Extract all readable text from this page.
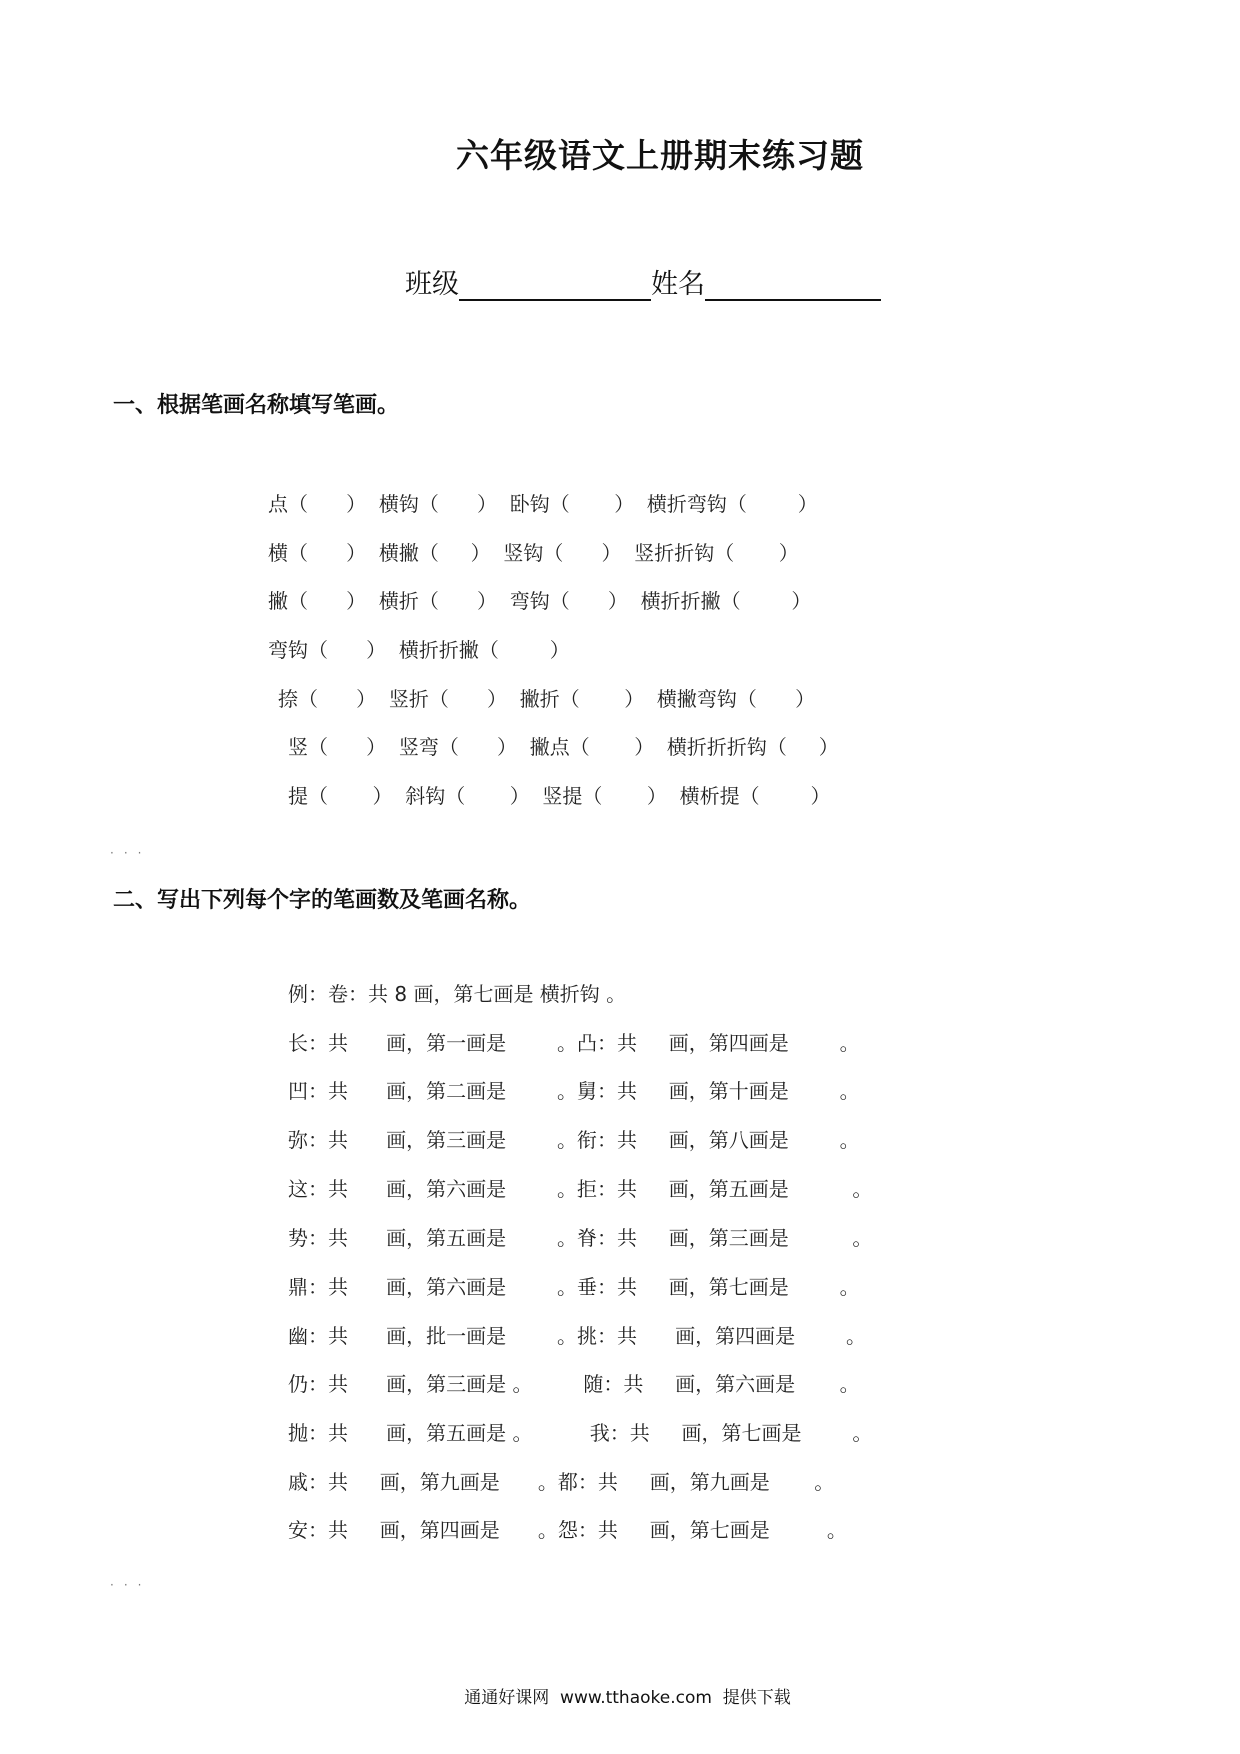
六年级语文上册期末练习题
班级	姓名
一、根据笔画名称填写笔画。
点（      ）  横钩（      ）  卧钩（       ）  横折弯钩（        ）
横（      ）  横撇（     ）  竖钩（      ）  竖折折钩（       ）
撇（      ）  横折（      ）  弯钩（      ）  横折折撇（        ）
弯钩（      ）  横折折撇（        ）
捺（      ）  竖折（      ）  撇折（       ）  横撇弯钩（      ）
竖（      ）  竖弯（      ）  撇点（       ）  横折折折钩（     ）
提（       ）  斜钩（       ）  竖提（       ）  横析提（        ）
···
二、写出下列每个字的笔画数及笔画名称。
例：卷：共 8 画，第七画是 横折钩 。
长：共      画，第一画是        。凸：共     画，第四画是        。
凹：共      画，第二画是        。舅：共     画，第十画是        。
弥：共      画，第三画是        。衔：共     画，第八画是        。
这：共      画，第六画是        。拒：共     画，第五画是          。
势：共      画，第五画是        。脊：共     画，第三画是          。
鼎：共      画，第六画是        。垂：共     画，第七画是        。
幽：共      画，批一画是        。挑：共      画，第四画是        。
仍：共      画，第三画是 。        随：共     画，第六画是       。
抛：共      画，第五画是 。         我：共     画，第七画是        。
戚：共     画，第九画是      。都：共     画，第九画是       。
安：共     画，第四画是      。怨：共     画，第七画是         。
···
通通好课网  www.tthaoke.com  提供下载
